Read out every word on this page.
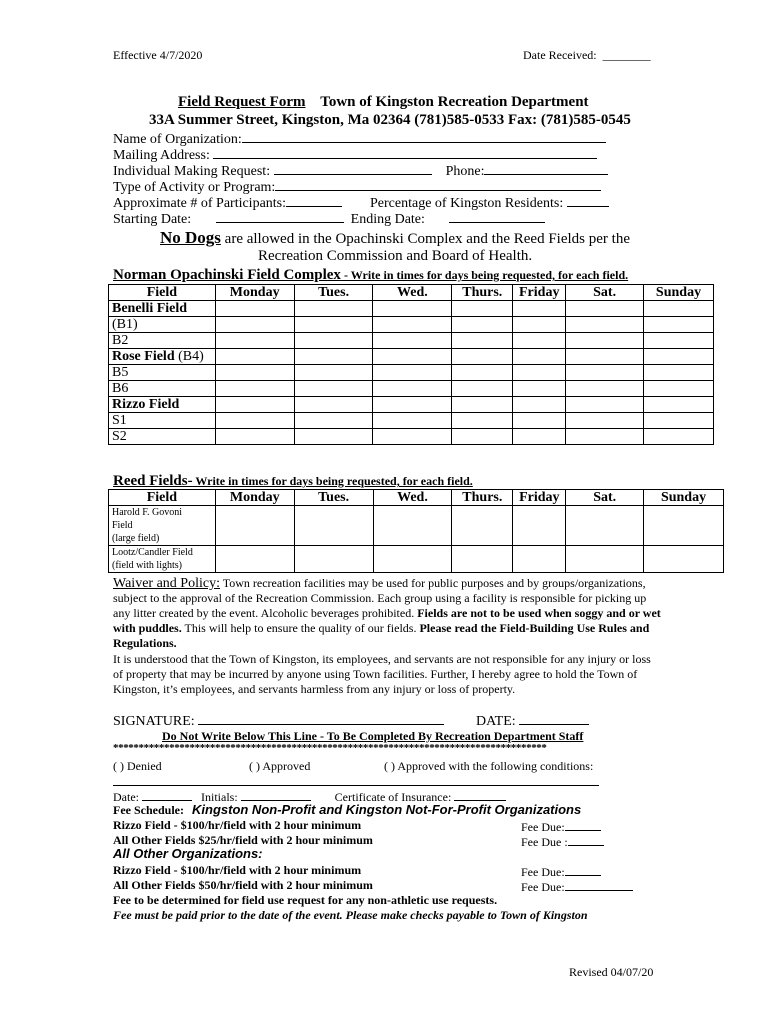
Effective 4/7/2020	Date Received: ________
Field Request Form Town of Kingston Recreation Department
33A Summer Street, Kingston, Ma 02364 (781)585-0533 Fax: (781)585-0545
Name of Organization:
Mailing Address:
Individual Making Request:	Phone:
Type of Activity or Program:
Approximate # of Participants:	Percentage of Kingston Residents:
Starting Date:	Ending Date:
No Dogs are allowed in the Opachinski Complex and the Reed Fields per the
Recreation Commission and Board of Health.
Norman Opachinski Field Complex - Write in times for days being requested, for each field.
Field	Monday	Tues.	Wed.	Thurs.	Friday	Sat.	Sunday
Benelli Field							
(B1)							
B2							
Rose Field (B4)							
B5							
B6							
Rizzo Field							
S1							
S2							
Reed Fields- Write in times for days being requested, for each field.
Field	Monday	Tues.	Wed.	Thurs.	Friday	Sat.	Sunday

Harold F. Govoni
Field
(large field)							

Lootz/Candler Field
(field with lights)							

Waiver and Policy: Town recreation facilities may be used for public purposes and by groups/organizations, subject to the approval of the Recreation Commission. Each group using a facility is responsible for picking up any litter created by the event. Alcoholic beverages prohibited. Fields are not to be used when soggy and or wet with puddles. This will help to ensure the quality of our fields. Please read the Field-Building Use Rules and Regulations.
It is understood that the Town of Kingston, its employees, and servants are not responsible for any injury or loss of property that may be incurred by anyone using Town facilities. Further, I hereby agree to hold the Town of Kingston, it’s employees, and servants harmless from any injury or loss of property.
SIGNATURE:	DATE:
Do Not Write Below This Line - To Be Completed By Recreation Department Staff
*************************************************************************************
( ) Denied	( ) Approved	( ) Approved with the following conditions:
Date:	Initials:	Certificate of Insurance:
Fee Schedule: Kingston Non-Profit and Kingston Not-For-Profit Organizations
Rizzo Field - $100/hr/field with 2 hour minimum	Fee Due:
All Other Fields $25/hr/field with 2 hour minimum	Fee Due :
All Other Organizations:
Rizzo Field - $100/hr/field with 2 hour minimum	Fee Due:
All Other Fields $50/hr/field with 2 hour minimum	Fee Due:
Fee to be determined for field use request for any non-athletic use requests.
Fee must be paid prior to the date of the event. Please make checks payable to Town of Kingston
Revised 04/07/20
